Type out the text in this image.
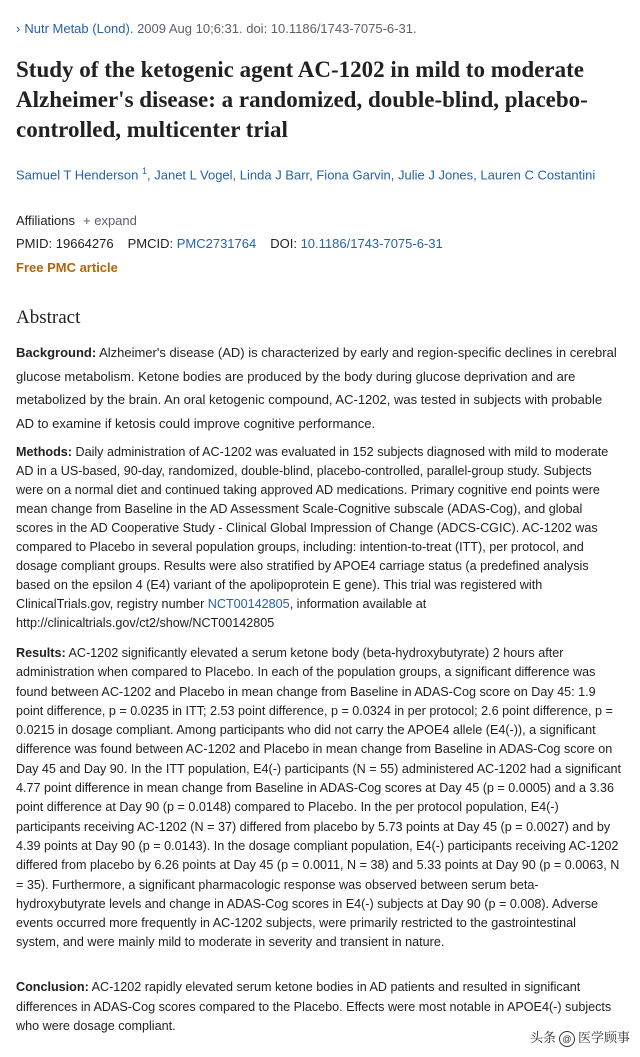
› Nutr Metab (Lond). 2009 Aug 10;6:31. doi: 10.1186/1743-7075-6-31.
Study of the ketogenic agent AC-1202 in mild to moderate Alzheimer's disease: a randomized, double-blind, placebo-controlled, multicenter trial
Samuel T Henderson $^1$, Janet L Vogel, Linda J Barr, Fiona Garvin, Julie J Jones, Lauren C Costantini
Affiliations + expand
PMID: 19664276 PMCID: PMC2731764 DOI: 10.1186/1743-7075-6-31
Free PMC article
Abstract

Background: Alzheimer's disease (AD) is characterized by early and region-specific declines in cerebral glucose metabolism. Ketone bodies are produced by the body during glucose deprivation and are metabolized by the brain. An oral ketogenic compound, AC-1202, was tested in subjects with probable AD to examine if ketosis could improve cognitive performance.

Methods: Daily administration of AC-1202 was evaluated in 152 subjects diagnosed with mild to moderate AD in a US-based, 90-day, randomized, double-blind, placebo-controlled, parallel-group study. Subjects were on a normal diet and continued taking approved AD medications. Primary cognitive end points were mean change from Baseline in the AD Assessment Scale-Cognitive subscale (ADAS-Cog), and global scores in the AD Cooperative Study - Clinical Global Impression of Change (ADCS-CGIC). AC-1202 was compared to Placebo in several population groups, including: intention-to-treat (ITT), per protocol, and dosage compliant groups. Results were also stratified by APOE4 carriage status (a predefined analysis based on the epsilon 4 (E4) variant of the apolipoprotein E gene). This trial was registered with ClinicalTrials.gov, registry number NCT00142805, information available at http://clinicaltrials.gov/ct2/show/NCT00142805

Results: AC-1202 significantly elevated a serum ketone body (beta-hydroxybutyrate) 2 hours after administration when compared to Placebo. In each of the population groups, a significant difference was found between AC-1202 and Placebo in mean change from Baseline in ADAS-Cog score on Day 45: 1.9 point difference, p = 0.0235 in ITT; 2.53 point difference, p = 0.0324 in per protocol; 2.6 point difference, p = 0.0215 in dosage compliant. Among participants who did not carry the APOE4 allele (E4(-)), a significant difference was found between AC-1202 and Placebo in mean change from Baseline in ADAS-Cog score on Day 45 and Day 90. In the ITT population, E4(-) participants (N = 55) administered AC-1202 had a significant 4.77 point difference in mean change from Baseline in ADAS-Cog scores at Day 45 (p = 0.0005) and a 3.36 point difference at Day 90 (p = 0.0148) compared to Placebo. In the per protocol population, E4(-) participants receiving AC-1202 (N = 37) differed from placebo by 5.73 points at Day 45 (p = 0.0027) and by 4.39 points at Day 90 (p = 0.0143). In the dosage compliant population, E4(-) participants receiving AC-1202 differed from placebo by 6.26 points at Day 45 (p = 0.0011, N = 38) and 5.33 points at Day 90 (p = 0.0063, N = 35). Furthermore, a significant pharmacologic response was observed between serum beta-hydroxybutyrate levels and change in ADAS-Cog scores in E4(-) subjects at Day 90 (p = 0.008). Adverse events occurred more frequently in AC-1202 subjects, were primarily restricted to the gastrointestinal system, and were mainly mild to moderate in severity and transient in nature.

Conclusion: AC-1202 rapidly elevated serum ketone bodies in AD patients and resulted in significant differences in ADAS-Cog scores compared to the Placebo. Effects were most notable in APOE4(-) subjects who were dosage compliant.

头条 @ 医学顾事
